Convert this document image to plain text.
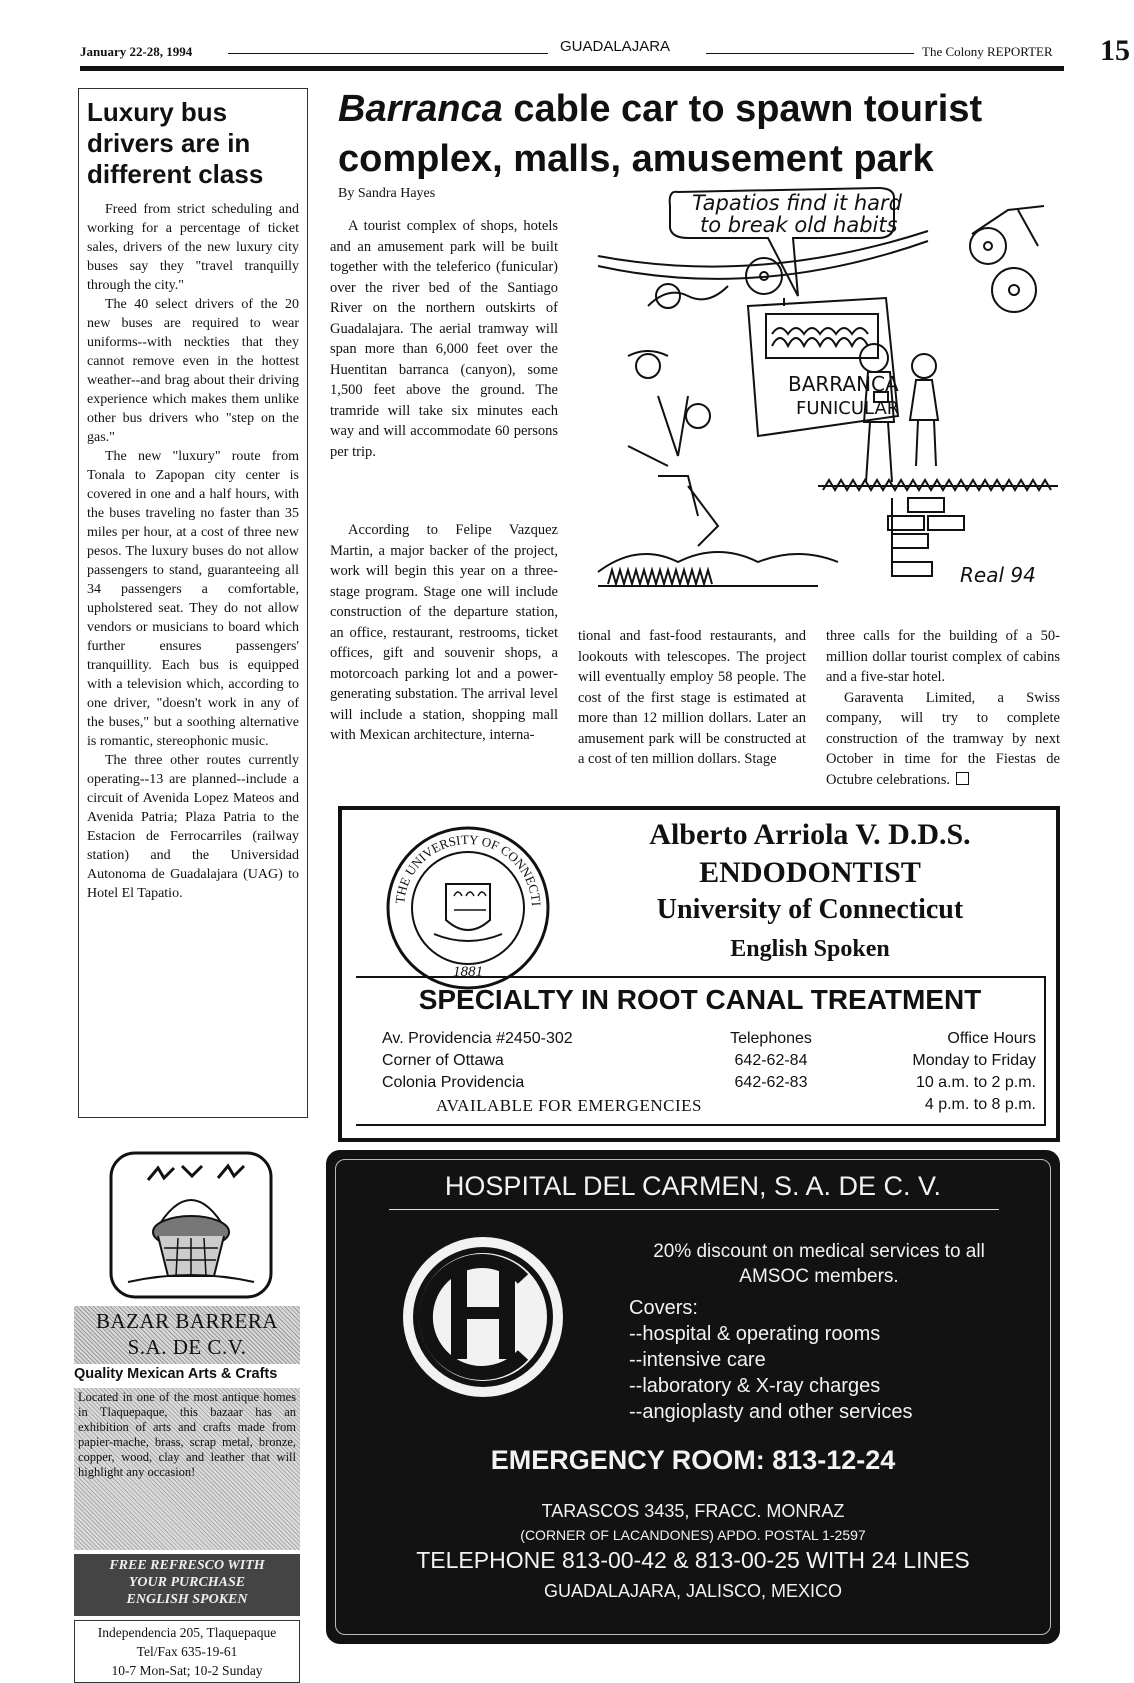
January 22-28, 1994	GUADALAJARA	The Colony REPORTER 15
Luxury bus drivers are in different class

Freed from strict scheduling and working for a percentage of ticket sales, drivers of the new luxury city buses say they "travel tranquilly through the city."

The 40 select drivers of the 20 new buses are required to wear uniforms--with neckties that they cannot remove even in the hottest weather--and brag about their driving experience which makes them unlike other bus drivers who "step on the gas."

The new "luxury" route from Tonala to Zapopan city center is covered in one and a half hours, with the buses traveling no faster than 35 miles per hour, at a cost of three new pesos. The luxury buses do not allow passengers to stand, guaranteeing all 34 passengers a comfortable, upholstered seat. They do not allow vendors or musicians to board which further ensures passengers' tranquillity. Each bus is equipped with a television which, according to one driver, "doesn't work in any of the buses," but a soothing alternative is romantic, stereophonic music.

The three other routes currently operating--13 are planned--include a circuit of Avenida Lopez Mateos and Avenida Patria; Plaza Patria to the Estacion de Ferrocarriles (railway station) and the Universidad Autonoma de Guadalajara (UAG) to Hotel El Tapatio.

Barranca cable car to spawn tourist complex, malls, amusement park
By Sandra Hayes

A tourist complex of shops, hotels and an amusement park will be built together with the teleferico (funicular) over the river bed of the Santiago River on the northern outskirts of Guadalajara. The aerial tramway will span more than 6,000 feet over the Huentitan barranca (canyon), some 1,500 feet above the ground. The tramride will take six minutes each way and will accommodate 60 persons per trip.

According to Felipe Vazquez Martin, a major backer of the project, work will begin this year on a three-stage program. Stage one will include construction of the departure station, an office, restaurant, restrooms, ticket offices, gift and souvenir shops, a motorcoach parking lot and a power-generating substation. The arrival level will include a station, shopping mall with Mexican architecture, interna-

tional and fast-food restaurants, and lookouts with telescopes. The project will eventually employ 58 people. The cost of the first stage is estimated at more than 12 million dollars. Later an amusement park will be constructed at a cost of ten million dollars. Stage

three calls for the building of a 50-million dollar tourist complex of cabins and a five-star hotel.

Garaventa Limited, a Swiss company, will try to complete construction of the tramway by next October in time for the Fiestas de Octubre celebrations.

Tapatios find it hard
to break old habits
BARRANCA
FUNICULAR
Real 94
THE UNIVERSITY OF CONNECTI
1881
Alberto Arriola V. D.D.S.
ENDODONTIST
University of Connecticut
English Spoken
SPECIALTY IN ROOT CANAL TREATMENT
Av. Providencia #2450-302
Corner of Ottawa
Colonia Providencia
Telephones
642-62-84
642-62-83
Office Hours
Monday to Friday
10 a.m. to 2 p.m.
4 p.m. to 8 p.m.
AVAILABLE FOR EMERGENCIES
BAZAR BARRERA
S.A. DE C.V.
Quality Mexican Arts & Crafts
Located in one of the most antique homes in Tlaquepaque, this bazaar has an exhibition of arts and crafts made from papier-mache, brass, scrap metal, bronze, copper, wood, clay and leather that will highlight any occasion!
FREE REFRESCO WITH
YOUR PURCHASE
ENGLISH SPOKEN
Independencia 205, Tlaquepaque
Tel/Fax 635-19-61
10-7 Mon-Sat; 10-2 Sunday
HOSPITAL DEL CARMEN, S. A. DE C. V.
20% discount on medical services to all AMSOC members.
Covers:
--hospital & operating rooms
--intensive care
--laboratory & X-ray charges
--angioplasty and other services
EMERGENCY ROOM: 813-12-24
TARASCOS 3435, FRACC. MONRAZ
(CORNER OF LACANDONES) APDO. POSTAL 1-2597
TELEPHONE 813-00-42 & 813-00-25 WITH 24 LINES
GUADALAJARA, JALISCO, MEXICO
